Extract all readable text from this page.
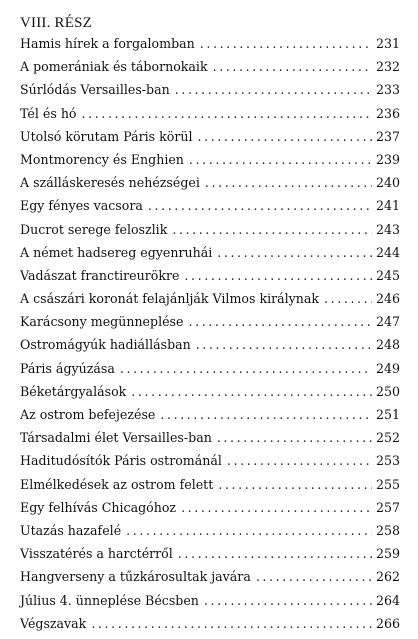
VIII. RÉSZ
Hamis hírek a forgalomban .....	231
A pomerániak és tábornokaik .....	232
Súrlódás Versailles-ban .....	233
Tél és hó .....	236
Utolsó körutam Páris körül .....	237
Montmorency és Enghien .....	239
A szálláskeresés nehézségei .....	240
Egy fényes vacsora .....	241
Ducrot serege feloszlik .....	243
A német hadsereg egyenruhái .....	244
Vadászat franctireurökre .....	245
A császári koronát felajánlják Vilmos királynak .....	246
Karácsony megünneplése .....	247
Ostromágyúk hadiállásban .....	248
Páris ágyúzása .....	249
Béketárgyalások .....	250
Az ostrom befejezése .....	251
Társadalmi élet Versailles-ban .....	252
Haditudósítók Páris ostrománál .....	253
Elmélkedések az ostrom felett .....	255
Egy felhívás Chicagóhoz .....	257
Utazás hazafelé .....	258
Visszatérés a harctérről .....	259
Hangverseny a tűzkárosultak javára .....	262
Július 4. ünneplése Bécsben .....	264
Végszavak .....	266
